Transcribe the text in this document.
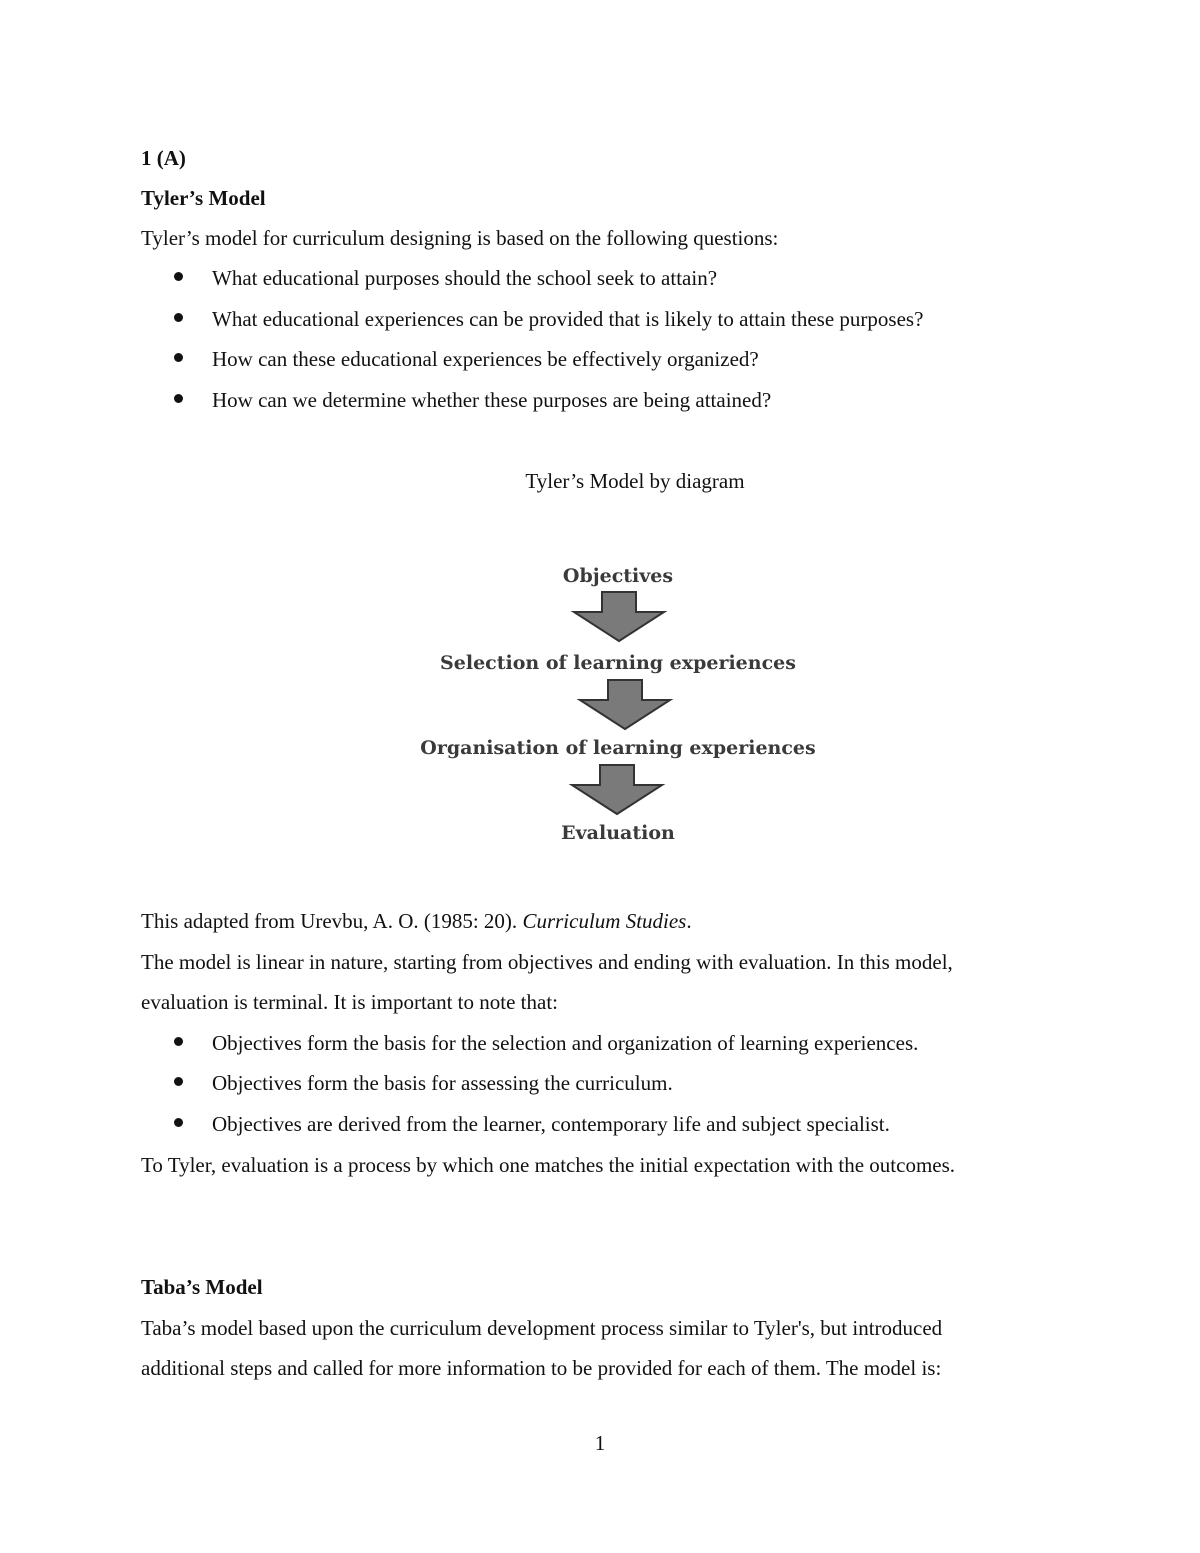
1 (A)
Tyler’s Model
Tyler’s model for curriculum designing is based on the following questions:
What educational purposes should the school seek to attain?
What educational experiences can be provided that is likely to attain these purposes?
How can these educational experiences be effectively organized?
How can we determine whether these purposes are being attained?
Tyler’s Model by diagram
Objectives
Selection of learning experiences
Organisation of learning experiences
Evaluation
This adapted from Urevbu, A. O. (1985: 20). Curriculum Studies.
The model is linear in nature, starting from objectives and ending with evaluation. In this model,
evaluation is terminal. It is important to note that:
Objectives form the basis for the selection and organization of learning experiences.
Objectives form the basis for assessing the curriculum.
Objectives are derived from the learner, contemporary life and subject specialist.
To Tyler, evaluation is a process by which one matches the initial expectation with the outcomes.
Taba’s Model
Taba’s model based upon the curriculum development process similar to Tyler's, but introduced
additional steps and called for more information to be provided for each of them. The model is:
1
